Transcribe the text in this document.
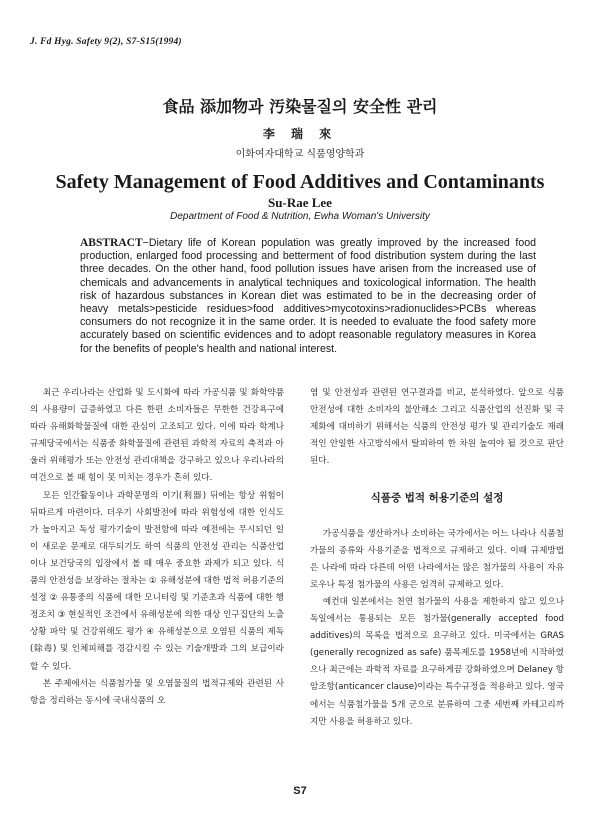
J. Fd Hyg. Safety 9(2), S7-S15(1994)
食品 添加物과 汚染물질의 安全性 관리
李 瑞 來
이화여자대학교 식품영양학과
Safety Management of Food Additives and Contaminants
Su-Rae Lee
Department of Food & Nutrition, Ewha Woman's University
ABSTRACT−Dietary life of Korean population was greatly improved by the increased food production, enlarged food processing and betterment of food distribution system during the last three decades. On the other hand, food pollution issues have arisen from the increased use of chemicals and advancements in analytical techniques and toxicological information. The health risk of hazardous substances in Korean diet was estimated to be in the decreasing order of heavy metals>pesticide residues>food additives>mycotoxins>radionuclides>PCBs whereas consumers do not recognize it in the same order. It is needed to evaluate the food safety more accurately based on scientific evidences and to adopt reasonable regulatory measures in Korea for the benefits of people's health and national interest.

최근 우리나라는 산업화 및 도시화에 따라 가공식품 및 화학약품의 사용량이 급증하였고 다른 한편 소비자들은 무한한 건강욕구에 따라 유해화학물질에 대한 관심이 고조되고 있다. 이에 따라 학계나 규제당국에서는 식품중 화학물질에 관련된 과학적 자료의 축적과 아울러 위해평가 또는 안전성 관리대책을 강구하고 있으나 우리나라의 여건으로 볼 때 힘이 못 미치는 경우가 흔히 있다.

모든 인간활동이나 과학문명의 이기(利器) 뒤에는 항상 위험이 뒤따르게 마련이다. 더우기 사회발전에 따라 위험성에 대한 인식도가 높아지고 독성 평가기술이 발전함에 따라 예전에는 무시되던 일이 새로운 문제로 대두되기도 하여 식품의 안전성 관리는 식품산업이나 보건당국의 입장에서 볼 때 매우 중요한 과제가 되고 있다. 식품의 안전성을 보장하는 절차는 ① 유해성분에 대한 법적 허용기준의 설정 ② 유통중의 식품에 대한 모니터링 및 기준초과 식품에 대한 행정조치 ③ 현실적인 조건에서 유해성분에 의한 대상 인구집단의 노출상황 파악 및 건강위해도 평가 ④ 유해성분으로 오염된 식품의 제독(除毒) 및 인체피해를 경감시킬 수 있는 기술개발과 그의 보급이라 할 수 있다.

본 주제에서는 식품첨가물 및 오염물질의 법적규제와 관련된 사항을 정리하는 동시에 국내식품의 오

염 및 안전성과 관련된 연구결과를 비교, 분석하였다. 앞으로 식품 안전성에 대한 소비자의 불안해소 그리고 식품산업의 선진화 및 국제화에 대비하기 위해서는 식품의 안전성 평가 및 관리기술도 재래적인 안일한 사고방식에서 탈피하여 한 차원 높여야 될 것으로 판단된다.

식품중 법적 허용기준의 설정

가공식품을 생산하거나 소비하는 국가에서는 어느 나라나 식품첨가물의 종류와 사용기준을 법적으로 규제하고 있다. 이때 규제방법은 나라에 따라 다른데 어떤 나라에서는 많은 첨가물의 사용이 자유로우나 특정 첨가물의 사용은 엄격히 규제하고 있다.

예컨대 일본에서는 천연 첨가물의 사용을 제한하지 않고 있으나 독일에서는 통용되는 모든 첨가물(generally accepted food additives)의 목록을 법적으로 요구하고 있다. 미국에서는 GRAS (generally recognized as safe) 품목제도를 1958년에 시작하였으나 최근에는 과학적 자료를 요구하게끔 강화하였으며 Delaney 항암조항(anticancer clause)이라는 특수규정을 적용하고 있다. 영국에서는 식품첨가물을 5개 군으로 분류하여 그중 세번째 카테고리까지만 사용을 허용하고 있다.

S7
